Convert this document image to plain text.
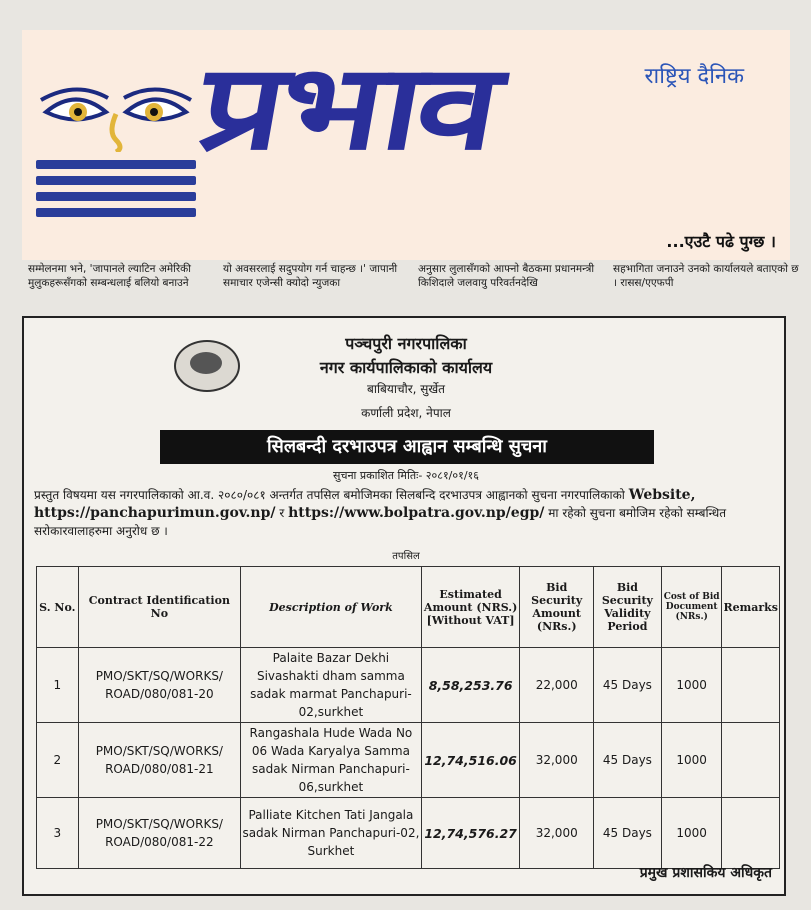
प्रभाव	राष्ट्रिय दैनिक
...एउटै पढे पुग्छ ।
सम्मेलनमा भने, 'जापानले ल्याटिन अमेरिकी मुलुकहरूसँगको सम्बन्धलाई बलियो बनाउने
यो अवसरलाई सदुपयोग गर्न चाहन्छ ।' जापानी समाचार एजेन्सी क्योदो न्युजका
अनुसार लुलासँगको आफ्नो बैठकमा प्रधानमन्त्री किशिदाले जलवायु परिवर्तनदेखि
सहभागिता जनाउने उनको कार्यालयले बताएको छ । रासस/एएफपी
पञ्चपुरी नगरपालिका
नगर कार्यपालिकाको कार्यालय
बाबियाचौर, सुर्खेत
कर्णाली प्रदेश, नेपाल
सिलबन्दी दरभाउपत्र आह्वान सम्बन्धि सुचना
सुचना प्रकाशित मितिः- २०८१/०१/१६
प्रस्तुत विषयमा यस नगरपालिकाको आ.व. २०८०/०८१ अन्तर्गत तपसिल बमोजिमका सिलबन्दि दरभाउपत्र आह्वानको सुचना नगरपालिकाको Website, https://panchapurimun.gov.np/ र https://www.bolpatra.gov.np/egp/ मा रहेको सुचना बमोजिम रहेको सम्बन्धित सरोकारवालाहरुमा अनुरोध छ ।
तपसिल
S. No.	Contract Identification No	Description of Work	Estimated Amount (NRS.) [Without VAT]	Bid Security Amount (NRs.)	Bid Security Validity Period	Cost of Bid Document (NRs.)	Remarks
1	PMO/SKT/SQ/WORKS/ ROAD/080/081-20	Palaite Bazar Dekhi Sivashakti dham samma sadak marmat Panchapuri-02,surkhet	8,58,253.76	22,000	45 Days	1000	
2	PMO/SKT/SQ/WORKS/ ROAD/080/081-21	Rangashala Hude Wada No 06 Wada Karyalya Samma sadak Nirman Panchapuri-06,surkhet	12,74,516.06	32,000	45 Days	1000	
3	PMO/SKT/SQ/WORKS/ ROAD/080/081-22	Palliate Kitchen Tati Jangala sadak Nirman Panchapuri-02, Surkhet	12,74,576.27	32,000	45 Days	1000	
प्रमुख प्रशासकिय अधिकृत
